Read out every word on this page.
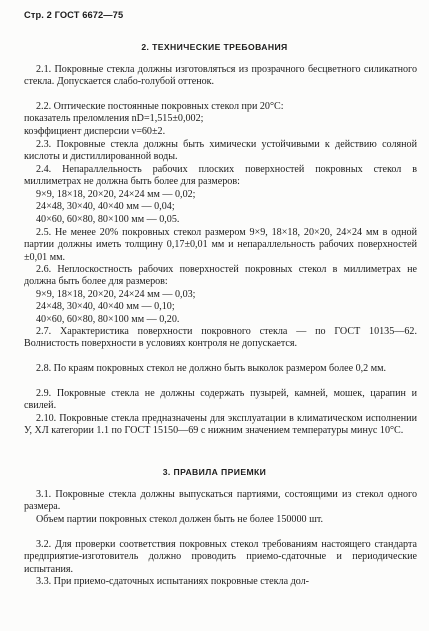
Стр. 2 ГОСТ 6672—75
2. ТЕХНИЧЕСКИЕ ТРЕБОВАНИЯ
2.1. Покровные стекла должны изготовляться из прозрачного бесцветного силикатного стекла. Допускается слабо-голубой оттенок.
2.2. Оптические постоянные покровных стекол при 20°С:
показатель преломления nD=1,515±0,002;
коэффициент дисперсии ν=60±2.
2.3. Покровные стекла должны быть химически устойчивыми к действию соляной кислоты и дистиллированной воды.
2.4. Непараллельность рабочих плоских поверхностей покровных стекол в миллиметрах не должна быть более для размеров:
9×9, 18×18, 20×20, 24×24 мм — 0,02;
24×48, 30×40, 40×40 мм — 0,04;
40×60, 60×80, 80×100 мм — 0,05.
2.5. Не менее 20% покровных стекол размером 9×9, 18×18, 20×20, 24×24 мм в одной партии должны иметь толщину 0,17±0,01 мм и непараллельность рабочих поверхностей ±0,01 мм.
2.6. Неплоскостность рабочих поверхностей покровных стекол в миллиметрах не должна быть более для размеров:
9×9, 18×18, 20×20, 24×24 мм — 0,03;
24×48, 30×40, 40×40 мм — 0,10;
40×60, 60×80, 80×100 мм — 0,20.
2.7. Характеристика поверхности покровного стекла — по ГОСТ 10135—62. Волнистость поверхности в условиях контроля не допускается.
2.8. По краям покровных стекол не должно быть выколок размером более 0,2 мм.
2.9. Покровные стекла не должны содержать пузырей, камней, мошек, царапин и свилей.
2.10. Покровные стекла предназначены для эксплуатации в климатическом исполнении У, ХЛ категории 1.1 по ГОСТ 15150—69 с нижним значением температуры минус 10°С.
3. ПРАВИЛА ПРИЕМКИ
3.1. Покровные стекла должны выпускаться партиями, состоящими из стекол одного размера.
Объем партии покровных стекол должен быть не более 150000 шт.
3.2. Для проверки соответствия покровных стекол требованиям настоящего стандарта предприятие-изготовитель должно проводить приемо-сдаточные и периодические испытания.
3.3. При приемо-сдаточных испытаниях покровные стекла дол-
